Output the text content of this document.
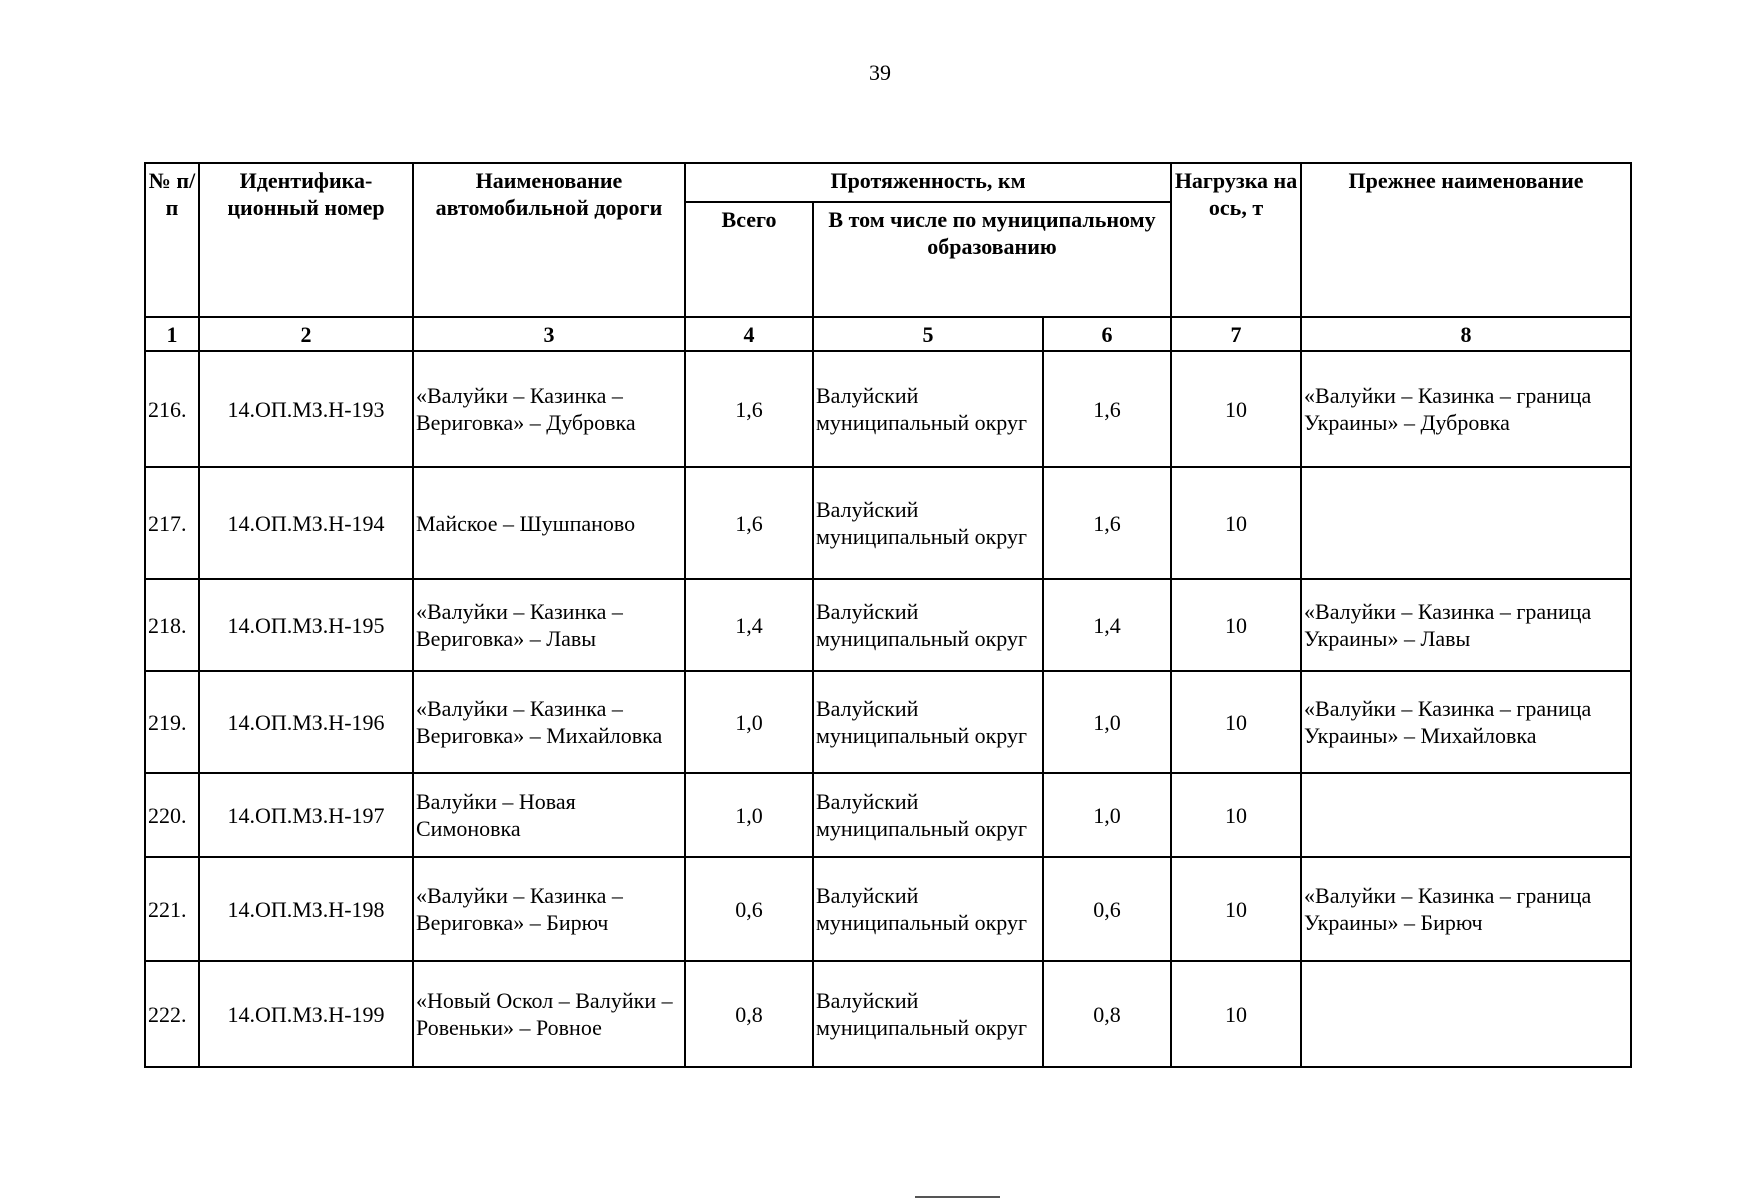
39
№ п/п	Идентифика-ционный номер	Наименование автомобильной дороги	Протяженность, км			Нагрузка на ось, т	Прежнее наименование
			Всего	В том числе по муниципальному образованию			
1	2	3	4	5	6	7	8
216.	14.ОП.МЗ.Н-193	«Валуйки – Казинка – Вериговка» – Дубровка	1,6	Валуйский муниципальный округ	1,6	10	«Валуйки – Казинка – граница Украины» – Дубровка
217.	14.ОП.МЗ.Н-194	Майское – Шушпаново	1,6	Валуйский муниципальный округ	1,6	10	
218.	14.ОП.МЗ.Н-195	«Валуйки – Казинка – Вериговка» – Лавы	1,4	Валуйский муниципальный округ	1,4	10	«Валуйки – Казинка – граница Украины» – Лавы
219.	14.ОП.МЗ.Н-196	«Валуйки – Казинка – Вериговка» – Михайловка	1,0	Валуйский муниципальный округ	1,0	10	«Валуйки – Казинка – граница Украины» – Михайловка
220.	14.ОП.МЗ.Н-197	Валуйки – Новая Симоновка	1,0	Валуйский муниципальный округ	1,0	10	
221.	14.ОП.МЗ.Н-198	«Валуйки – Казинка – Вериговка» – Бирюч	0,6	Валуйский муниципальный округ	0,6	10	«Валуйки – Казинка – граница Украины» – Бирюч
222.	14.ОП.МЗ.Н-199	«Новый Оскол – Валуйки – Ровеньки» – Ровное	0,8	Валуйский муниципальный округ	0,8	10	
